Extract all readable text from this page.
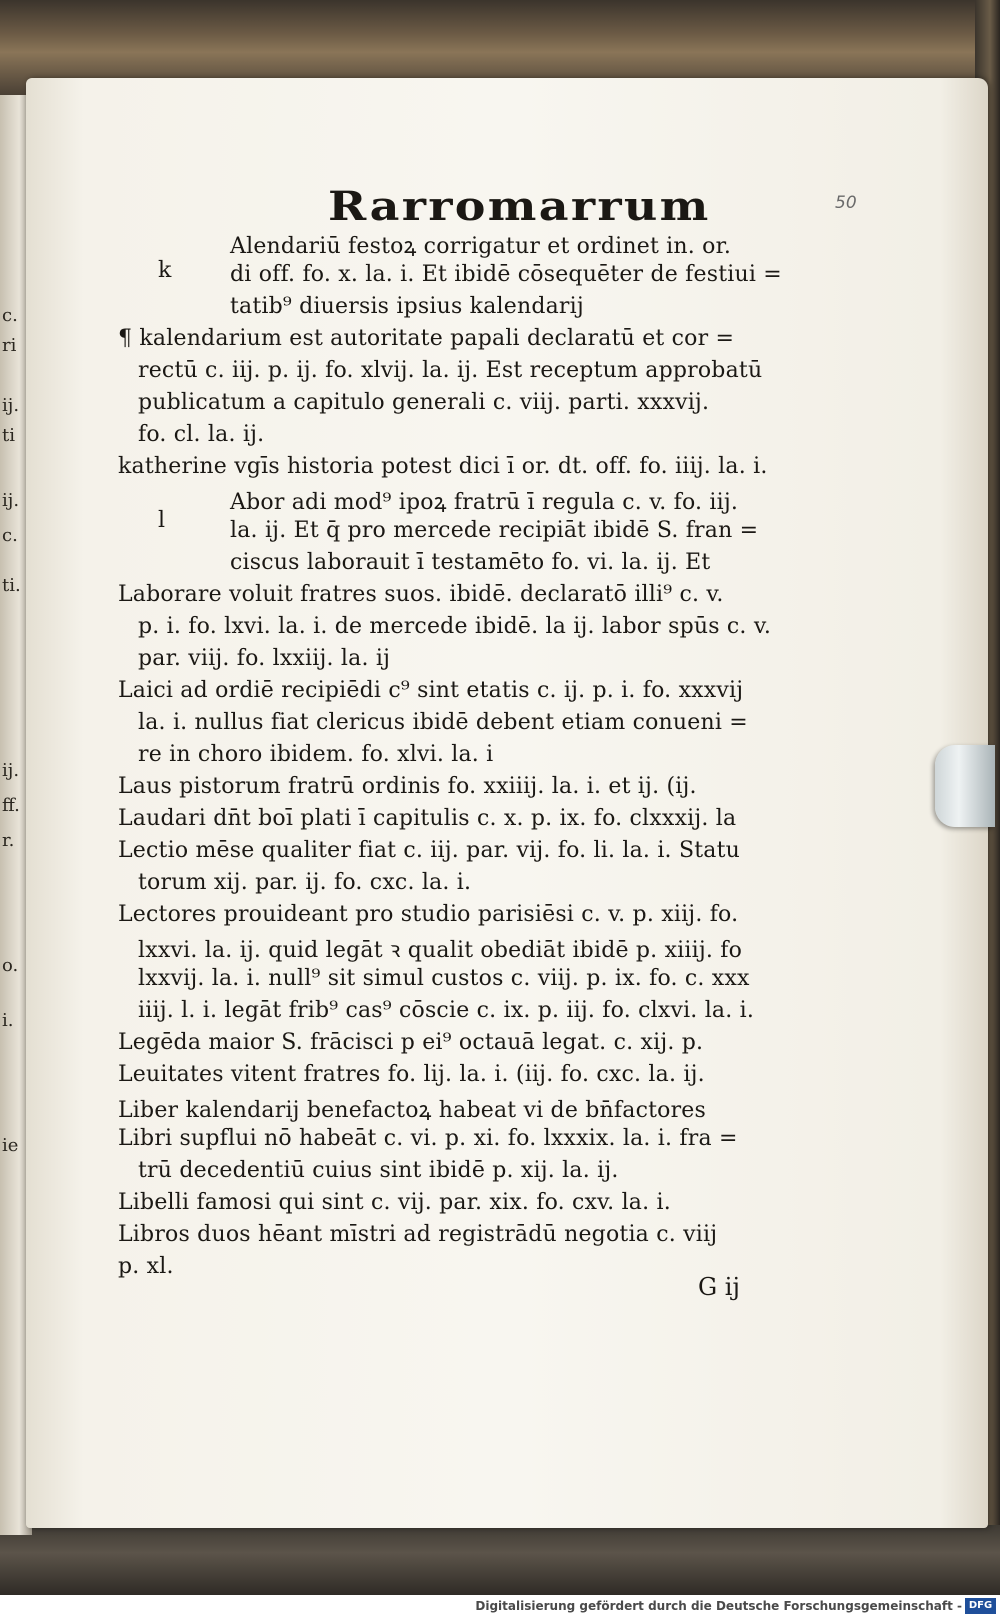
c.
ri
ij.
ti
ij.
c.
ti.
ij.
ff.
r.
o.
i.
ie
50
Rarromarrum
k
l
Alendariū festoꝝ corrigatur et ordinet in. or.
di off. fo. x. la. i. Et ibidē cōsequēter de festiui =
tatib⁹ diuersis ipsius kalendarij
¶ kalendarium est autoritate papali declaratū et cor =
rectū c. iij. p. ij. fo. xlvij. la. ij. Est receptum approbatū
publicatum a capitulo generali c. viij. parti. xxxvij.
fo. cl. la. ij.
katherine vgīs historia potest dici ī or. dt. off. fo. iiij. la. i.
Abor adi mod⁹ ipoꝝ fratrū ī regula c. v. fo. iij.
la. ij. Et q̄ pro mercede recipiāt ibidē S. fran =
ciscus laborauit ī testamēto fo. vi. la. ij. Et
Laborare voluit fratres suos. ibidē. declaratō illi⁹ c. v.
p. i. fo. lxvi. la. i. de mercede ibidē. la ij. labor spūs c. v.
par. viij. fo. lxxiij. la. ij
Laici ad ordiē recipiēdi c⁹ sint etatis c. ij. p. i. fo. xxxvij
la. i. nullus fiat clericus ibidē debent etiam conueni =
re in choro ibidem. fo. xlvi. la. i
Laus pistorum fratrū ordinis fo. xxiiij. la. i. et ij. (ij.
Laudari dn̄t boī plati ī capitulis c. x. p. ix. fo. clxxxij. la
Lectio mēse qualiter fiat c. iij. par. vij. fo. li. la. i. Statu
torum xij. par. ij. fo. cxc. la. i.
Lectores prouideant pro studio parisiēsi c. v. p. xiij. fo.
lxxvi. la. ij. quid legāt ꝛ qualit obediāt ibidē p. xiiij. fo
lxxvij. la. i. null⁹ sit simul custos c. viij. p. ix. fo. c. xxx
iiij. l. i. legāt frib⁹ cas⁹ cōscie c. ix. p. iij. fo. clxvi. la. i.
Legēda maior S. frācisci p ei⁹ octauā legat. c. xij. p.
Leuitates vitent fratres fo. lij. la. i. (iij. fo. cxc. la. ij.
Liber kalendarij benefactoꝝ habeat vi de bn̄factores
Libri supflui nō habeāt c. vi. p. xi. fo. lxxxix. la. i. fra =
trū decedentiū cuius sint ibidē p. xij. la. ij.
Libelli famosi qui sint c. vij. par. xix. fo. cxv. la. i.
Libros duos hēant mīstri ad registrādū negotia c. viij
p. xl.
G ij
Digitalisierung gefördert durch die Deutsche Forschungsgemeinschaft - DFG
